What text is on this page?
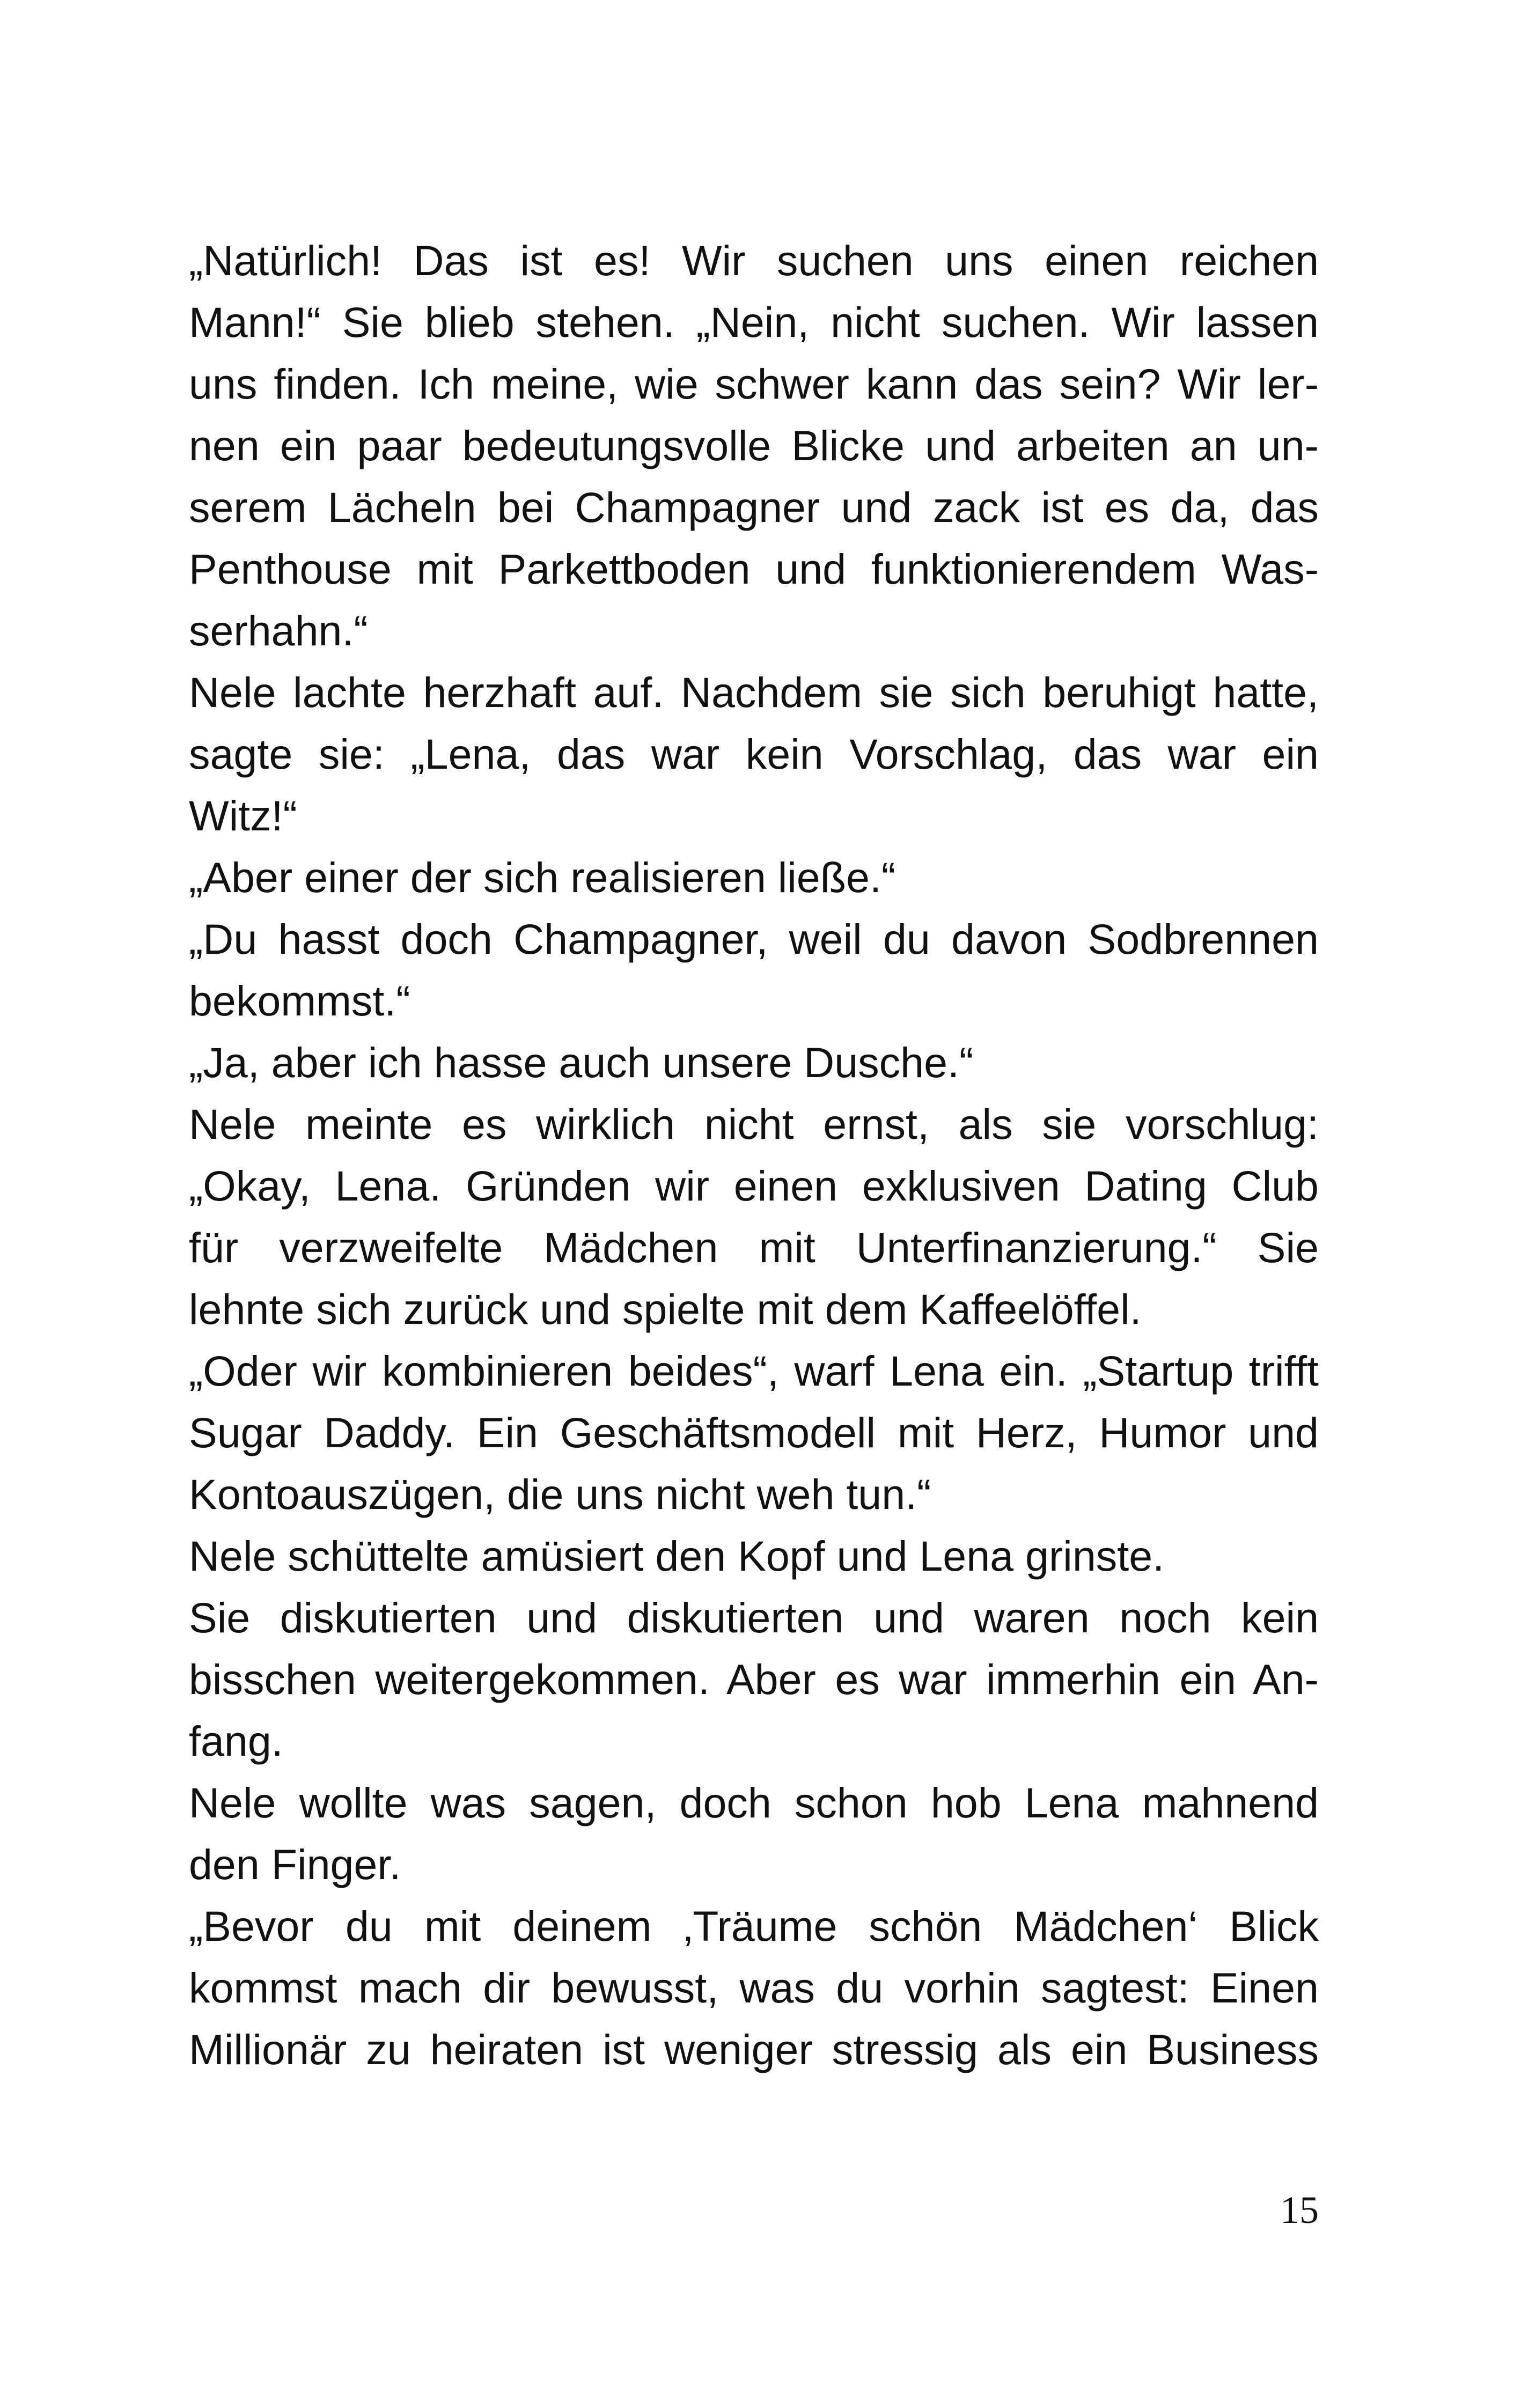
„Natürlich! Das ist es! Wir suchen uns einen reichen
Mann!“ Sie blieb stehen. „Nein, nicht suchen. Wir lassen
uns finden. Ich meine, wie schwer kann das sein? Wir ler-
nen ein paar bedeutungsvolle Blicke und arbeiten an un-
serem Lächeln bei Champagner und zack ist es da, das
Penthouse mit Parkettboden und funktionierendem Was-
serhahn.“
Nele lachte herzhaft auf. Nachdem sie sich beruhigt hatte,
sagte sie: „Lena, das war kein Vorschlag, das war ein
Witz!“
„Aber einer der sich realisieren ließe.“
„Du hasst doch Champagner, weil du davon Sodbrennen
bekommst.“
„Ja, aber ich hasse auch unsere Dusche.“
Nele meinte es wirklich nicht ernst, als sie vorschlug:
„Okay, Lena. Gründen wir einen exklusiven Dating Club
für verzweifelte Mädchen mit Unterfinanzierung.“ Sie
lehnte sich zurück und spielte mit dem Kaffeelöffel.
„Oder wir kombinieren beides“, warf Lena ein. „Startup trifft
Sugar Daddy. Ein Geschäftsmodell mit Herz, Humor und
Kontoauszügen, die uns nicht weh tun.“
Nele schüttelte amüsiert den Kopf und Lena grinste.
Sie diskutierten und diskutierten und waren noch kein
bisschen weitergekommen. Aber es war immerhin ein An-
fang.
Nele wollte was sagen, doch schon hob Lena mahnend
den Finger.
„Bevor du mit deinem ‚Träume schön Mädchen‘ Blick
kommst mach dir bewusst, was du vorhin sagtest: Einen
Millionär zu heiraten ist weniger stressig als ein Business
15
